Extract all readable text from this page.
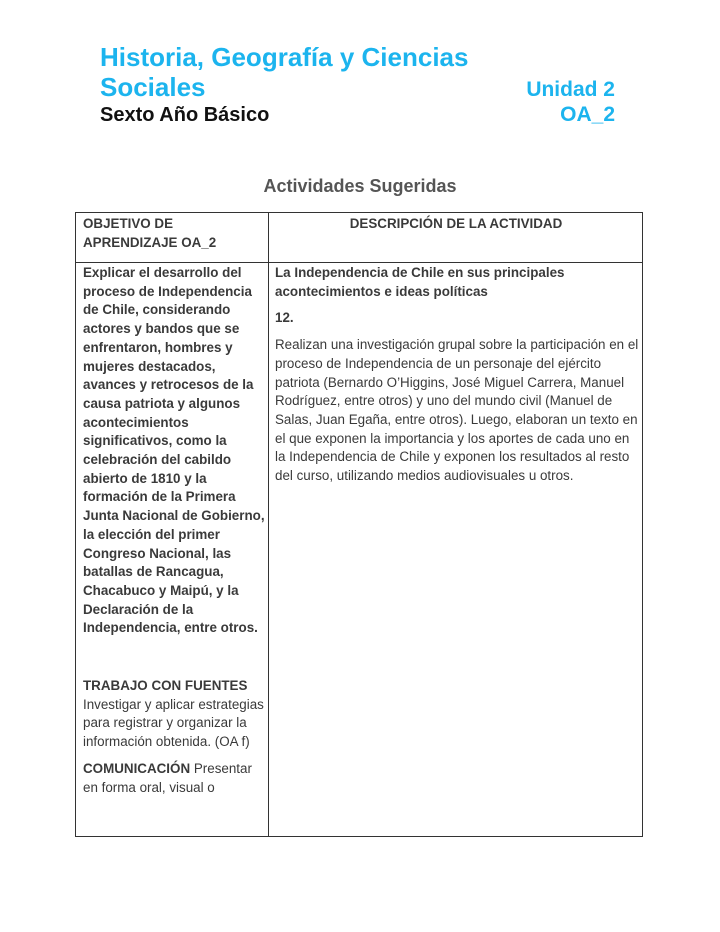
Historia, Geografía y Ciencias

Sociales	Unidad 2
Sexto Año Básico	OA_2
Actividades Sugeridas
OBJETIVO DE APRENDIZAJE OA_2
DESCRIPCIÓN DE LA ACTIVIDAD

Explicar el desarrollo del proceso de Independencia de Chile, considerando actores y bandos que se enfrentaron, hombres y mujeres destacados, avances y retrocesos de la causa patriota y algunos acontecimientos significativos, como la celebración del cabildo abierto de 1810 y la formación de la Primera Junta Nacional de Gobierno, la elección del primer Congreso Nacional, las batallas de Rancagua, Chacabuco y Maipú, y la Declaración de la Independencia, entre otros.

TRABAJO CON FUENTES
Investigar y aplicar estrategias para registrar y organizar la información obtenida. (OA f)

COMUNICACIÓN Presentar en forma oral, visual o

La Independencia de Chile en sus principales acontecimientos e ideas políticas

12.

Realizan una investigación grupal sobre la participación en el proceso de Independencia de un personaje del ejército patriota (Bernardo O’Higgins, José Miguel Carrera, Manuel Rodríguez, entre otros) y uno del mundo civil (Manuel de Salas, Juan Egaña, entre otros). Luego, elaboran un texto en el que exponen la importancia y los aportes de cada uno en la Independencia de Chile y exponen los resultados al resto del curso, utilizando medios audiovisuales u otros.
